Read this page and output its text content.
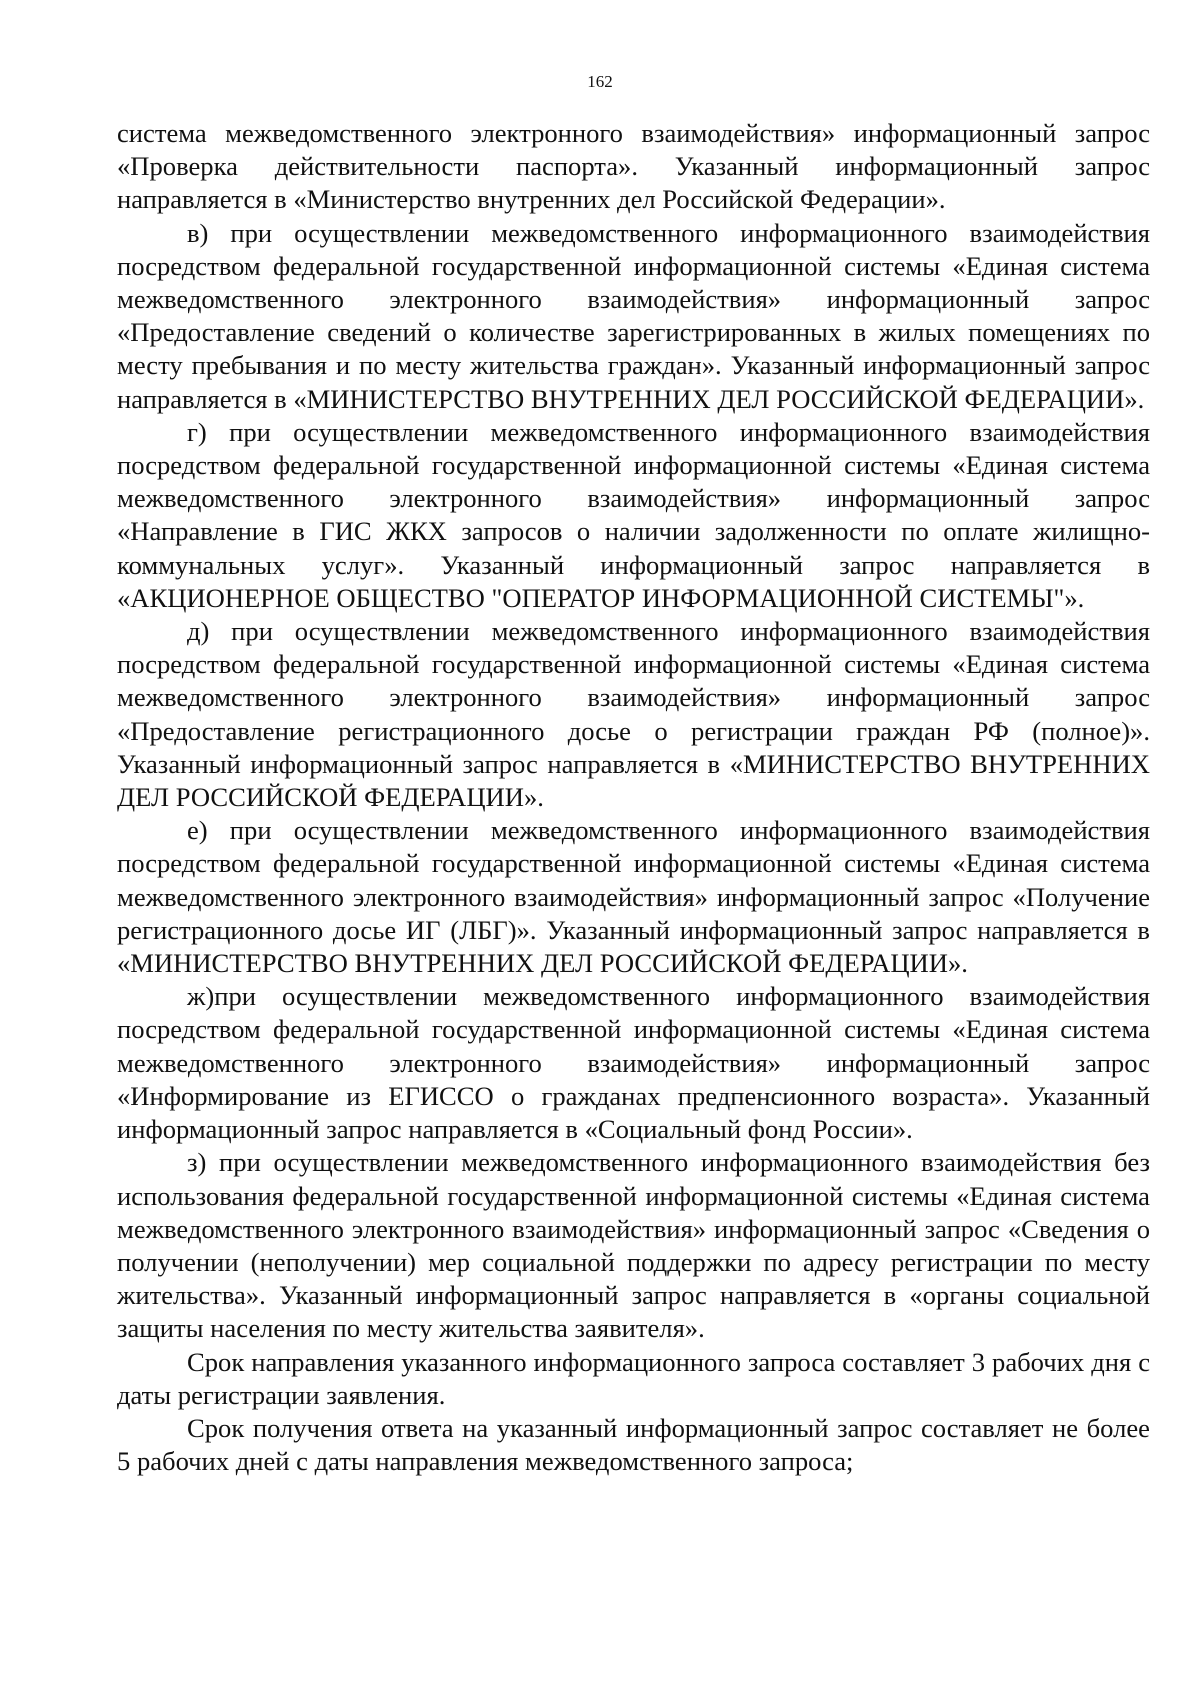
162

система межведомственного электронного взаимодействия» информационный запрос «Проверка действительности паспорта». Указанный информационный запрос направляется в «Министерство внутренних дел Российской Федерации».

в) при осуществлении межведомственного информационного взаимодействия посредством федеральной государственной информационной системы «Единая система межведомственного электронного взаимодействия» информационный запрос «Предоставление сведений о количестве зарегистрированных в жилых помещениях по месту пребывания и по месту жительства граждан». Указанный информационный запрос направляется в «МИНИСТЕРСТВО ВНУТРЕННИХ ДЕЛ РОССИЙСКОЙ ФЕДЕРАЦИИ».

г) при осуществлении межведомственного информационного взаимодействия посредством федеральной государственной информационной системы «Единая система межведомственного электронного взаимодействия» информационный запрос «Направление в ГИС ЖКХ запросов о наличии задолженности по оплате жилищно-коммунальных услуг». Указанный информационный запрос направляется в «АКЦИОНЕРНОЕ ОБЩЕСТВО "ОПЕРАТОР ИНФОРМАЦИОННОЙ СИСТЕМЫ"».

д) при осуществлении межведомственного информационного взаимодействия посредством федеральной государственной информационной системы «Единая система межведомственного электронного взаимодействия» информационный запрос «Предоставление регистрационного досье о регистрации граждан РФ (полное)». Указанный информационный запрос направляется в «МИНИСТЕРСТВО ВНУТРЕННИХ ДЕЛ РОССИЙСКОЙ ФЕДЕРАЦИИ».

е) при осуществлении межведомственного информационного взаимодействия посредством федеральной государственной информационной системы «Единая система межведомственного электронного взаимодействия» информационный запрос «Получение регистрационного досье ИГ (ЛБГ)». Указанный информационный запрос направляется в «МИНИСТЕРСТВО ВНУТРЕННИХ ДЕЛ РОССИЙСКОЙ ФЕДЕРАЦИИ».

ж)при осуществлении межведомственного информационного взаимодействия посредством федеральной государственной информационной системы «Единая система межведомственного электронного взаимодействия» информационный запрос «Информирование из ЕГИССО о гражданах предпенсионного возраста». Указанный информационный запрос направляется в «Социальный фонд России».

з) при осуществлении межведомственного информационного взаимодействия без использования федеральной государственной информационной системы «Единая система межведомственного электронного взаимодействия» информационный запрос «Сведения о получении (неполучении) мер социальной поддержки по адресу регистрации по месту жительства». Указанный информационный запрос направляется в «органы социальной защиты населения по месту жительства заявителя».

Срок направления указанного информационного запроса составляет 3 рабочих дня с даты регистрации заявления.

Срок получения ответа на указанный информационный запрос составляет не более 5 рабочих дней с даты направления межведомственного запроса;
